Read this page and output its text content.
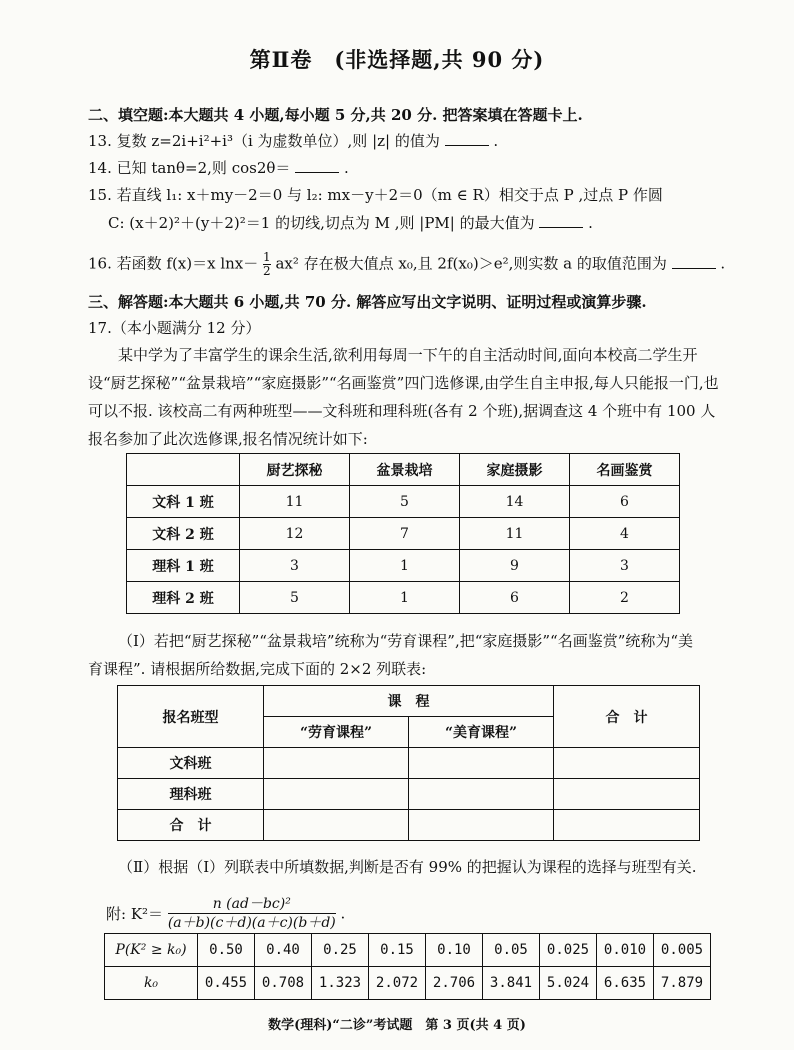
第Ⅱ卷　(非选择题,共 90 分)
二、填空题:本大题共 4 小题,每小题 5 分,共 20 分. 把答案填在答题卡上.
13. 复数 z=2i+i²+i³（i 为虚数单位）,则 |z| 的值为	.
14. 已知 tanθ=2,则 cos2θ＝	.
15. 若直线 l₁: x＋my－2＝0 与 l₂: mx－y＋2＝0（m ∈ R）相交于点 P ,过点 P 作圆
C: (x＋2)²＋(y＋2)²＝1 的切线,切点为 M ,则 |PM| 的最大值为	.
16. 若函数 f(x)＝x $\ln x- \frac{1}{2} ax^2$ 存在极大值点 x₀,且 2f(x₀)＞e²,则实数 a 的取值范围为	.
三、解答题:本大题共 6 小题,共 70 分. 解答应写出文字说明、证明过程或演算步骤.
17.（本小题满分 12 分）
某中学为了丰富学生的课余生活,欲利用每周一下午的自主活动时间,面向本校高二学生开设“厨艺探秘”“盆景栽培”“家庭摄影”“名画鉴赏”四门选修课,由学生自主申报,每人只能报一门,也可以不报. 该校高二有两种班型——文科班和理科班(各有 2 个班),据调查这 4 个班中有 100 人报名参加了此次选修课,报名情况统计如下:
	厨艺探秘	盆景栽培	家庭摄影	名画鉴赏
文科 1 班	11	5	14	6
文科 2 班	12	7	11	4
理科 1 班	3	1	9	3
理科 2 班	5	1	6	2
（Ⅰ）若把“厨艺探秘”“盆景栽培”统称为“劳育课程”,把“家庭摄影”“名画鉴赏”统称为“美育课程”. 请根据所给数据,完成下面的 2×2 列联表:
报名班型	课　程		合　计
	“劳育课程”	“美育课程”	
文科班			
理科班			
合　计			
（Ⅱ）根据（Ⅰ）列联表中所填数据,判断是否有 99% 的把握认为课程的选择与班型有关.
附: $K^2= \frac{\text{n (ad－bc)²}}{(a+b)(c+d)(a+c)(b+d)}$ .
P(K² ≥ k₀)	0.50	0.40	0.25	0.15	0.10	0.05	0.025	0.010	0.005
k₀	0.455	0.708	1.323	2.072	2.706	3.841	5.024	6.635	7.879
数学(理科)“二诊”考试题　第 3 页(共 4 页)
